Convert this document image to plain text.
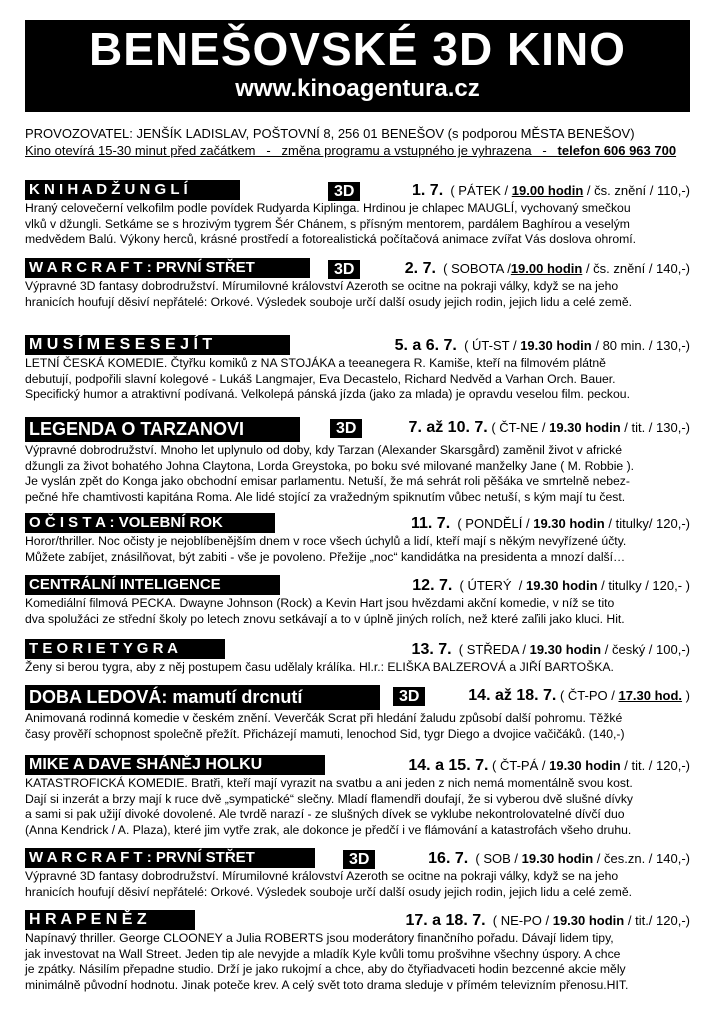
BENEŠOVSKÉ 3D KINO
www.kinoagentura.cz
PROVOZOVATEL: JENŠÍK LADISLAV, POŠTOVNÍ 8, 256 01 BENEŠOV (s podporou MĚSTA BENEŠOV)
Kino otevírá 15-30 minut před začátkem   -   změna programu a vstupného je vyhrazena   -   telefon 606 963 700
K N I H A D Ž U N G L Í	3D	1. 7.  ( PÁTEK / 19.00 hodin / čs. znění / 110,-)

Hraný celovečerní velkofilm podle povídek Rudyarda Kiplinga. Hrdinou je chlapec MAUGLÍ, vychovaný smečkou

vlků v džungli. Setkáme se s hrozivým tygrem Šér Chánem, s přísným mentorem, pardálem Baghírou a veselým

medvědem Balú. Výkony herců, krásné prostředí a fotorealistická počítačová animace zvířat Vás doslova ohromí.

W A R C R A F T : PRVNÍ STŘET	3D	2. 7.  ( SOBOTA /19.00 hodin / čs. znění / 140,-)

Výpravné 3D fantasy dobrodružství. Mírumilovné království Azeroth se ocitne na pokraji války, když se na jeho

hranicích houfují děsiví nepřátelé: Orkové. Výsledek souboje určí další osudy jejich rodin, jejich lidu a celé země.

M U S Í M E S E S E J Í T	5. a 6. 7.  ( ÚT-ST / 19.30 hodin / 80 min. / 130,-)

LETNÍ ČESKÁ KOMEDIE. Čtyřku komiků z NA STOJÁKA a teeanegera R. Kamiše, kteří na filmovém plátně

debutují, podpořili slavní kolegové - Lukáš Langmajer, Eva Decastelo, Richard Nedvěd a Varhan Orch. Bauer.

Specifický humor a atraktivní podívaná. Velkolepá pánská jízda (jako za mlada) je opravdu veselou film. peckou.

LEGENDA O TARZANOVI	3D	7. až 10. 7. ( ČT-NE / 19.30 hodin / tit. / 130,-)

Výpravné dobrodružství. Mnoho let uplynulo od doby, kdy Tarzan (Alexander Skarsgård) zaměnil život v africké

džungli za život bohatého Johna Claytona, Lorda Greystoka, po boku své milované manželky Jane ( M. Robbie ).

Je vyslán zpět do Konga jako obchodní emisar parlamentu. Netuší, že má sehrát roli pěšáka ve smrtelně nebez-

pečné hře chamtivosti kapitána Roma. Ale lidé stojící za vražedným spiknutím vůbec netuší, s kým mají tu čest.

O Č I S T A : VOLEBNÍ ROK	11. 7.  ( PONDĚLÍ / 19.30 hodin / titulky/ 120,-)

Horor/thriller. Noc očisty je nejoblíbenějším dnem v roce všech úchylů a lidí, kteří mají s někým nevyřízené účty.

Můžete zabíjet, znásilňovat, být zabiti - vše je povoleno. Přežije „noc“ kandidátka na presidenta a mnozí další…

CENTRÁLNÍ INTELIGENCE	12. 7.  ( ÚTERÝ  / 19.30 hodin / titulky / 120,- )

Komediální filmová PECKA. Dwayne Johnson (Rock) a Kevin Hart jsou hvězdami akční komedie, v níž se tito

dva spolužáci ze střední školy po letech znovu setkávají a to v úplně jiných rolích, než které zaľili jako kluci. Hit.

T E O R I E T Y G R A	13. 7.  ( STŘEDA / 19.30 hodin / český / 100,-)

Ženy si berou tygra, aby z něj postupem času udělaly králíka. Hl.r.: ELIŠKA BALZEROVÁ a JIŘÍ BARTOŠKA.

DOBA LEDOVÁ: mamutí drcnutí	3D	14. až 18. 7. ( ČT-PO / 17.30 hod. )

Animovaná rodinná komedie v českém znění. Veverčák Scrat při hledání žaludu způsobí další pohromu. Těžké

časy prověří schopnost společně přežít. Přicházejí mamuti, lenochod Sid, tygr Diego a dvojice vačičáků. (140,-)

MIKE A DAVE SHÁNĚJ HOLKU	14. a 15. 7. ( ČT-PÁ / 19.30 hodin / tit. / 120,-)

KATASTROFICKÁ KOMEDIE. Bratři, kteří mají vyrazit na svatbu a ani jeden z nich nemá momentálně svou kost.

Dají si inzerát a brzy mají k ruce dvě „sympatické“ slečny. Mladí flamendři doufají, že si vyberou dvě slušné dívky

a sami si pak užijí divoké dovolené. Ale tvrdě narazí - ze slušných dívek se vyklube nekontrolovatelné dívčí duo

(Anna Kendrick / A. Plaza), které jim vytře zrak, ale dokonce je předčí i ve flámování a katastrofách všeho druhu.

W A R C R A F T : PRVNÍ STŘET	3D	16. 7.  ( SOB / 19.30 hodin / čes.zn. / 140,-)

Výpravné 3D fantasy dobrodružství. Mírumilovné království Azeroth se ocitne na pokraji války, když se na jeho

hranicích houfují děsiví nepřátelé: Orkové. Výsledek souboje určí další osudy jejich rodin, jejich lidu a celé země.

H R A P E N Ě Z	17. a 18. 7.  ( NE-PO / 19.30 hodin / tit./ 120,-)

Napínavý thriller. George CLOONEY a Julia ROBERTS jsou moderátory finančního pořadu. Dávají lidem tipy,

jak investovat na Wall Street. Jeden tip ale nevyjde a mladík Kyle kvůli tomu prošvihne všechny úspory. A chce

je zpátky. Násilím přepadne studio. Drží je jako rukojmí a chce, aby do čtyřiadvaceti hodin bezcenné akcie měly

minimálně původní hodnotu. Jinak poteče krev. A celý svět toto drama sleduje v přímém televizním přenosu.HIT.
